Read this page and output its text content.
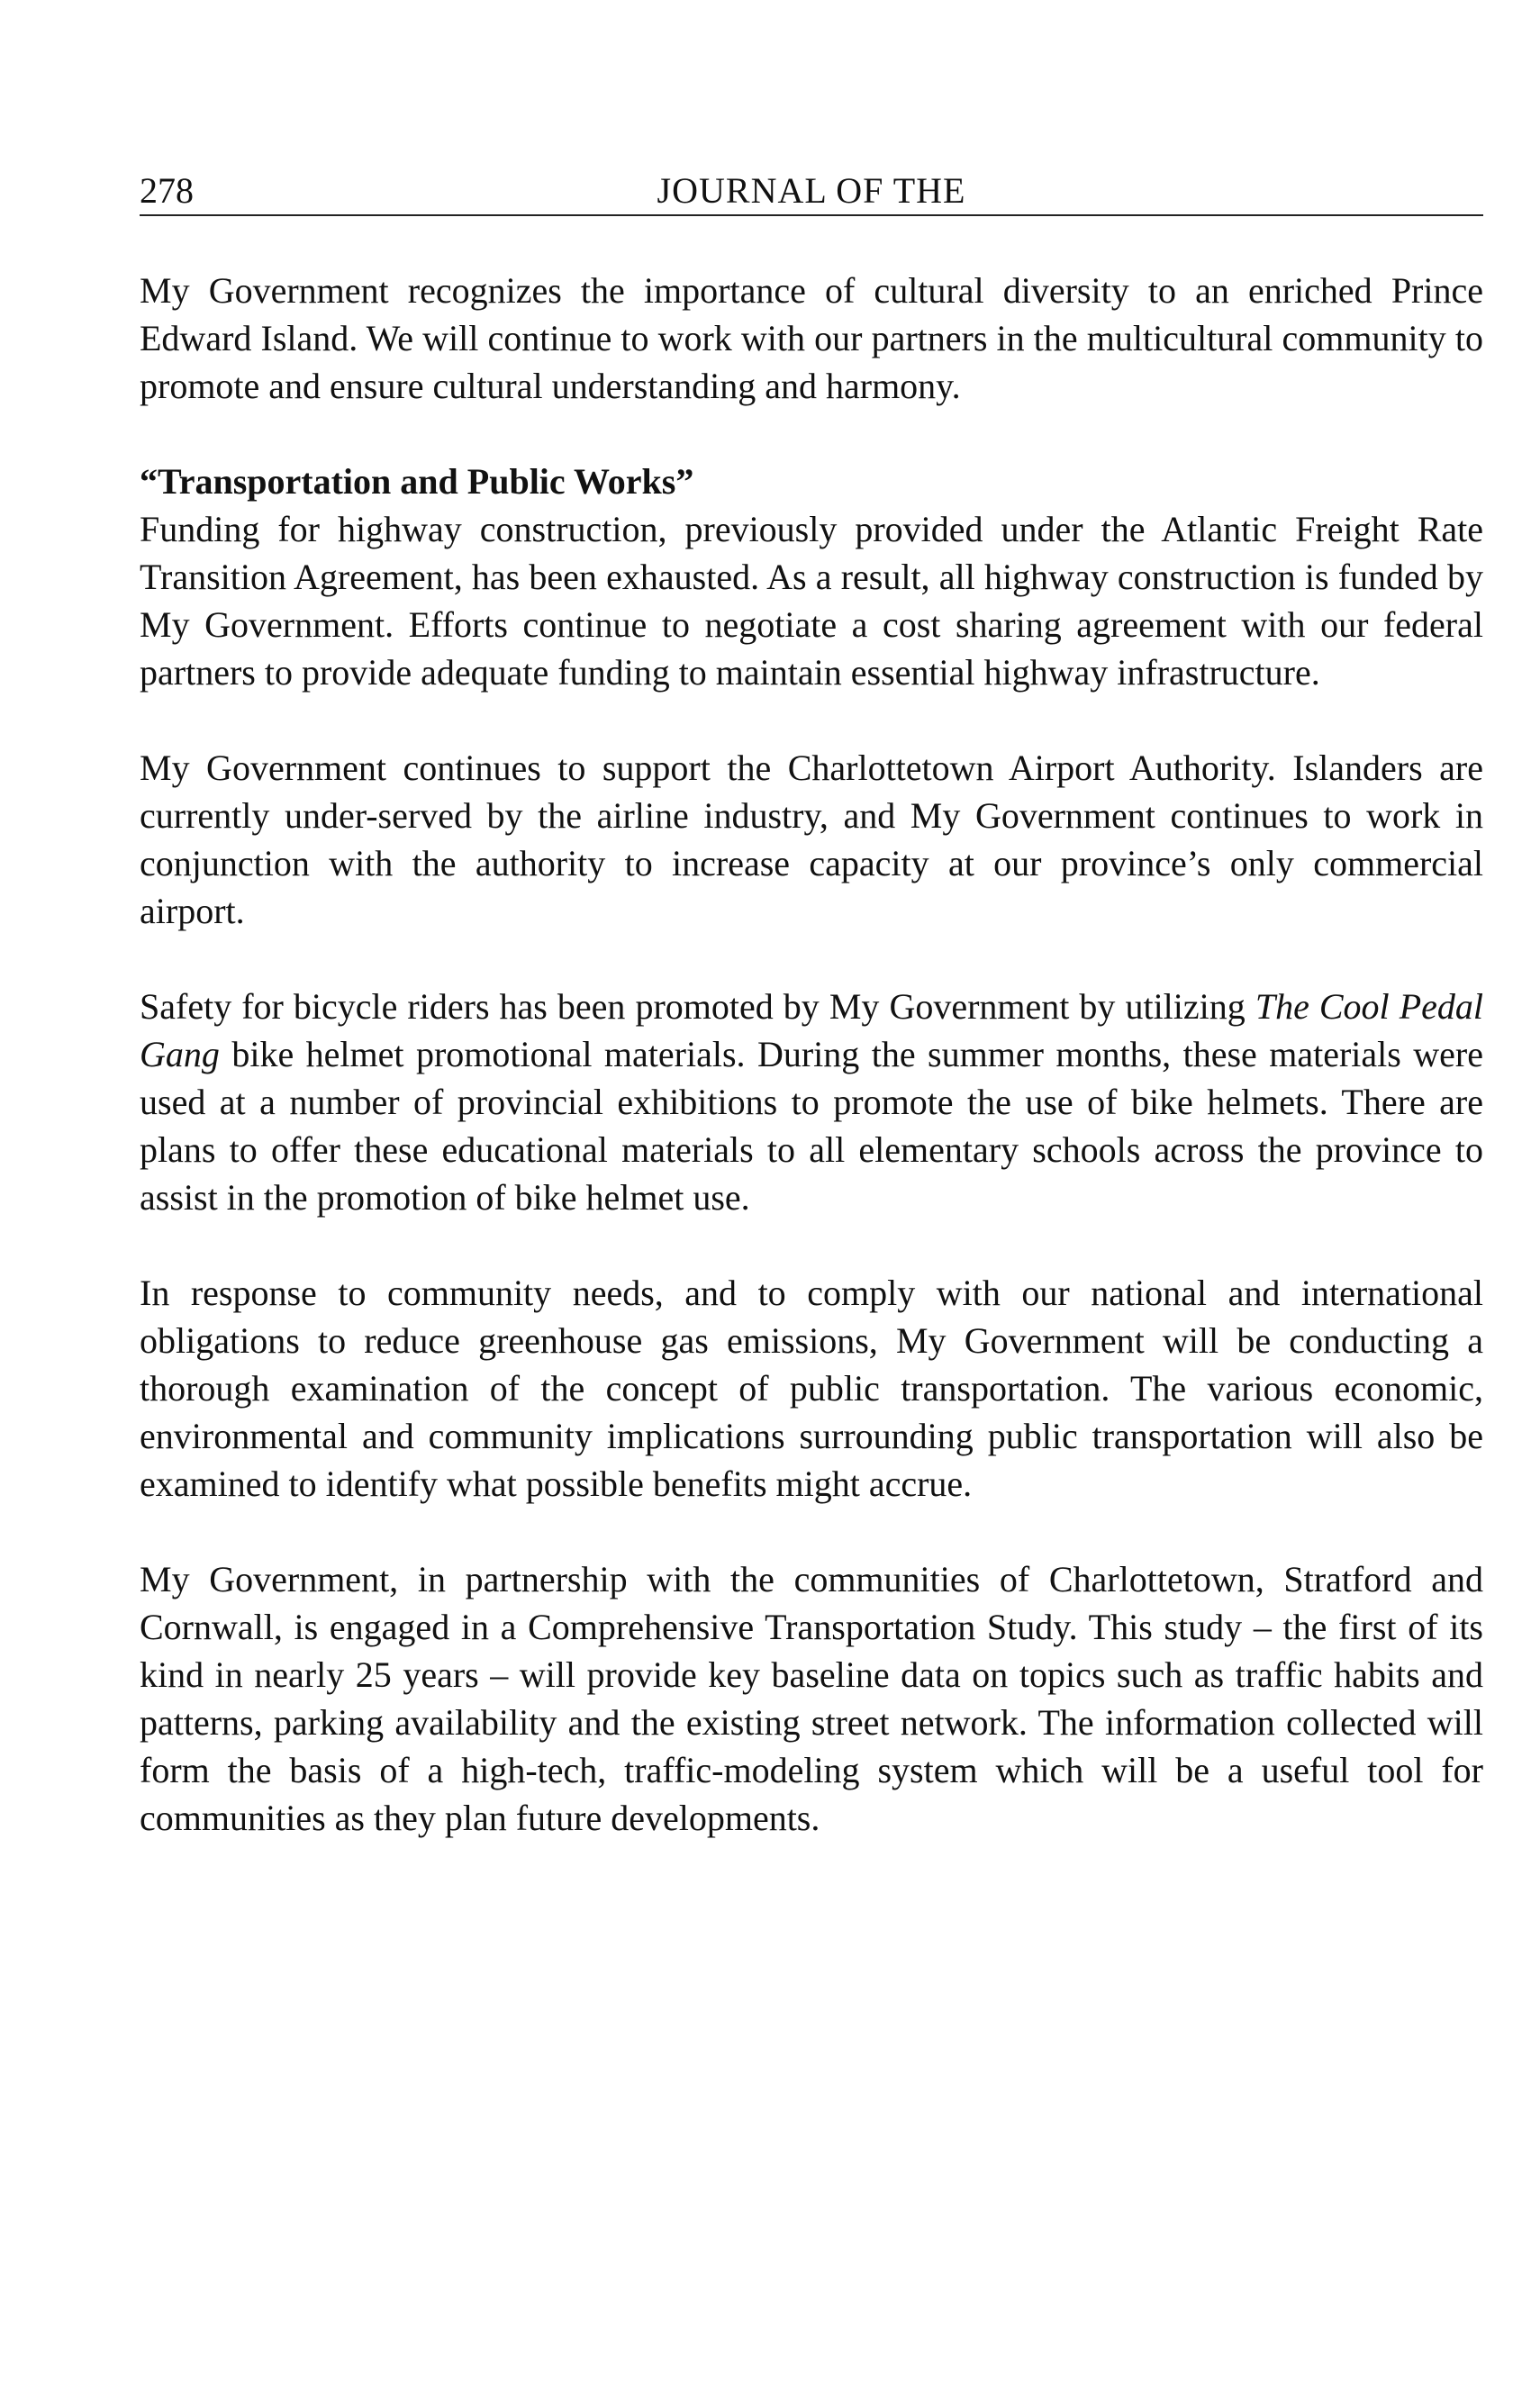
278	JOURNAL OF THE

My Government recognizes the importance of cultural diversity to an enriched Prince Edward Island. We will continue to work with our partners in the multicultural community to promote and ensure cultural understanding and harmony.

“Transportation and Public Works”
Funding for highway construction, previously provided under the Atlantic Freight Rate Transition Agreement, has been exhausted. As a result, all highway construction is funded by My Government. Efforts continue to negotiate a cost sharing agreement with our federal partners to provide adequate funding to maintain essential highway infrastructure.

My Government continues to support the Charlottetown Airport Authority. Islanders are currently under-served by the airline industry, and My Government continues to work in conjunction with the authority to increase capacity at our province’s only commercial airport.

Safety for bicycle riders has been promoted by My Government by utilizing The Cool Pedal Gang bike helmet promotional materials. During the summer months, these materials were used at a number of provincial exhibitions to promote the use of bike helmets. There are plans to offer these educational materials to all elementary schools across the province to assist in the promotion of bike helmet use.

In response to community needs, and to comply with our national and international obligations to reduce greenhouse gas emissions, My Government will be conducting a thorough examination of the concept of public transportation. The various economic, environmental and community implications surrounding public transportation will also be examined to identify what possible benefits might accrue.

My Government, in partnership with the communities of Charlottetown, Stratford and Cornwall, is engaged in a Comprehensive Transportation Study. This study – the first of its kind in nearly 25 years – will provide key baseline data on topics such as traffic habits and patterns, parking availability and the existing street network. The information collected will form the basis of a high-tech, traffic-modeling system which will be a useful tool for communities as they plan future developments.
